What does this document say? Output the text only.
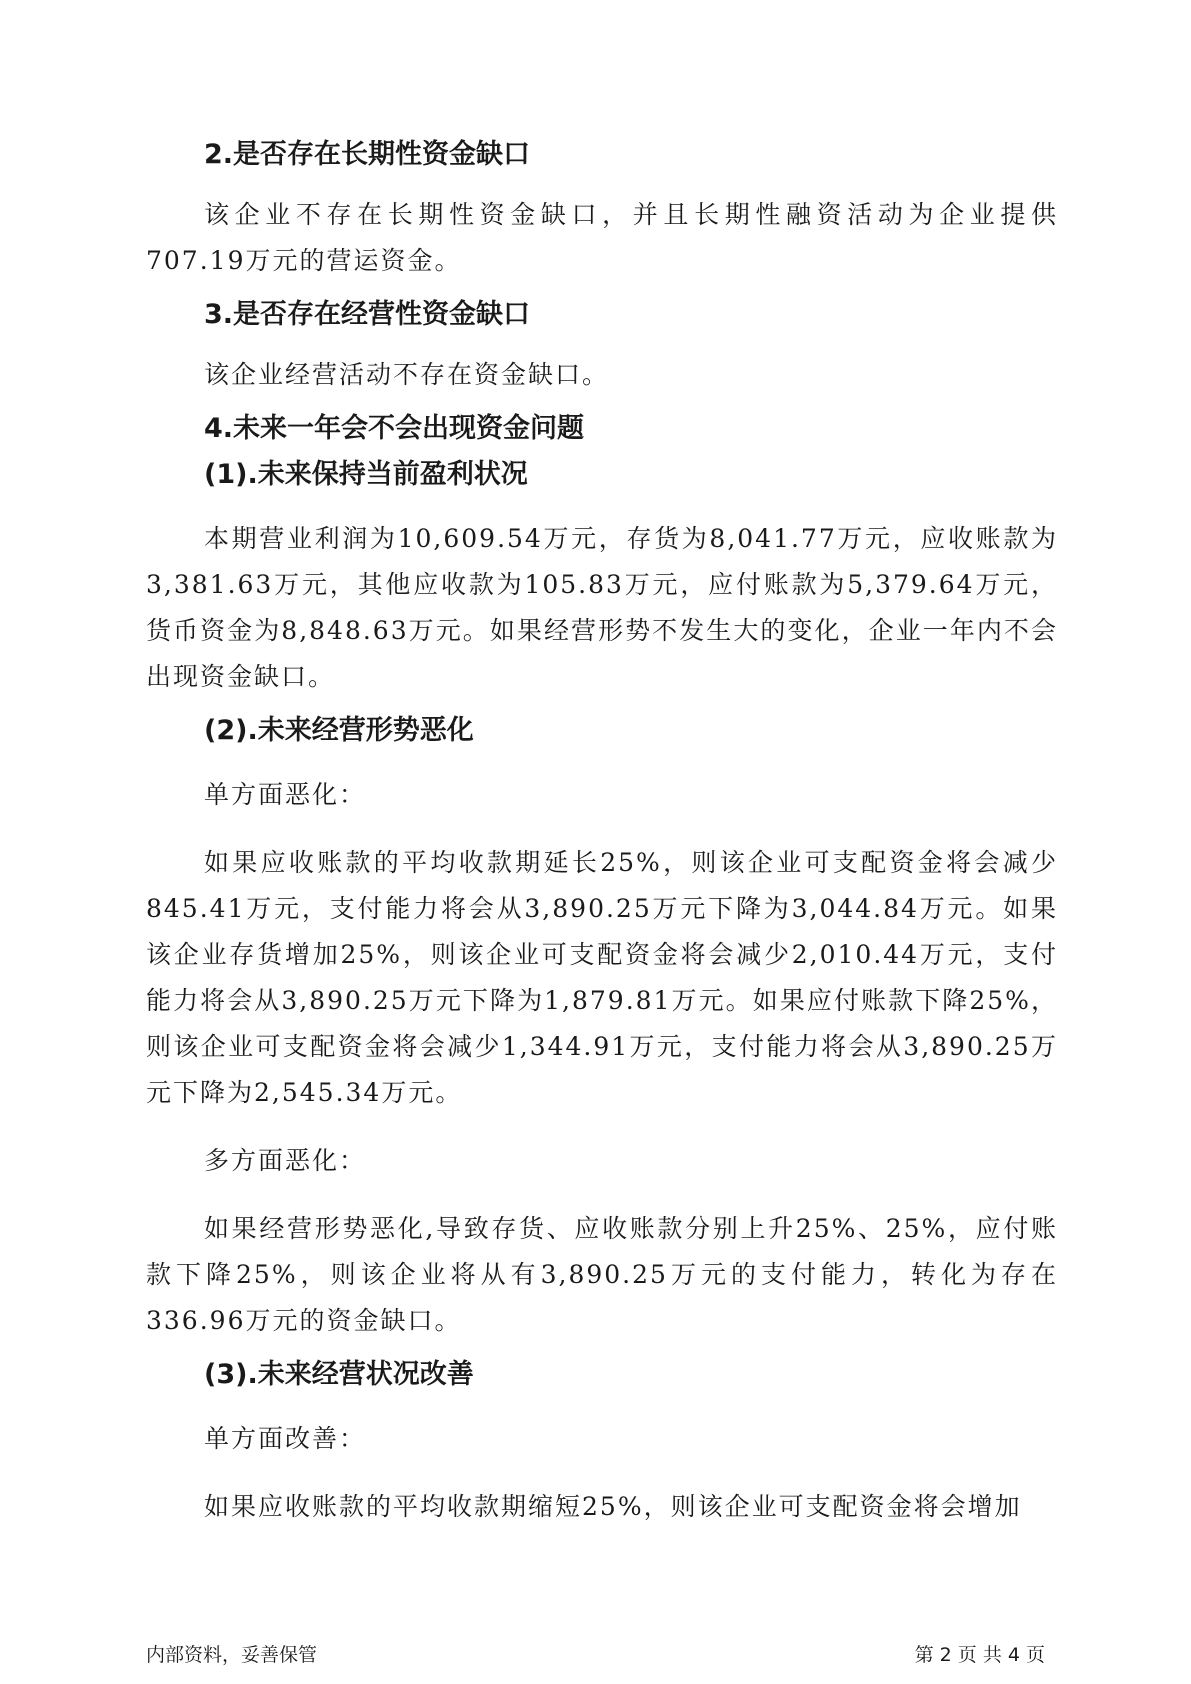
2.是否存在长期性资金缺口

该企业不存在长期性资金缺口，并且长期性融资活动为企业提供707.19万元的营运资金。

3.是否存在经营性资金缺口

该企业经营活动不存在资金缺口。

4.未来一年会不会出现资金问题
(1).未来保持当前盈利状况

本期营业利润为10,609.54万元，存货为8,041.77万元，应收账款为3,381.63万元，其他应收款为105.83万元，应付账款为5,379.64万元，货币资金为8,848.63万元。如果经营形势不发生大的变化，企业一年内不会出现资金缺口。

(2).未来经营形势恶化

单方面恶化：

如果应收账款的平均收款期延长25%，则该企业可支配资金将会减少845.41万元，支付能力将会从3,890.25万元下降为3,044.84万元。如果该企业存货增加25%，则该企业可支配资金将会减少2,010.44万元，支付能力将会从3,890.25万元下降为1,879.81万元。如果应付账款下降25%，则该企业可支配资金将会减少1,344.91万元，支付能力将会从3,890.25万元下降为2,545.34万元。

多方面恶化：

如果经营形势恶化,导致存货、应收账款分别上升25%、25%，应付账款下降25%，则该企业将从有3,890.25万元的支付能力，转化为存在336.96万元的资金缺口。

(3).未来经营状况改善

单方面改善：

如果应收账款的平均收款期缩短25%，则该企业可支配资金将会增加

内部资料，妥善保管	第 2 页 共 4 页
